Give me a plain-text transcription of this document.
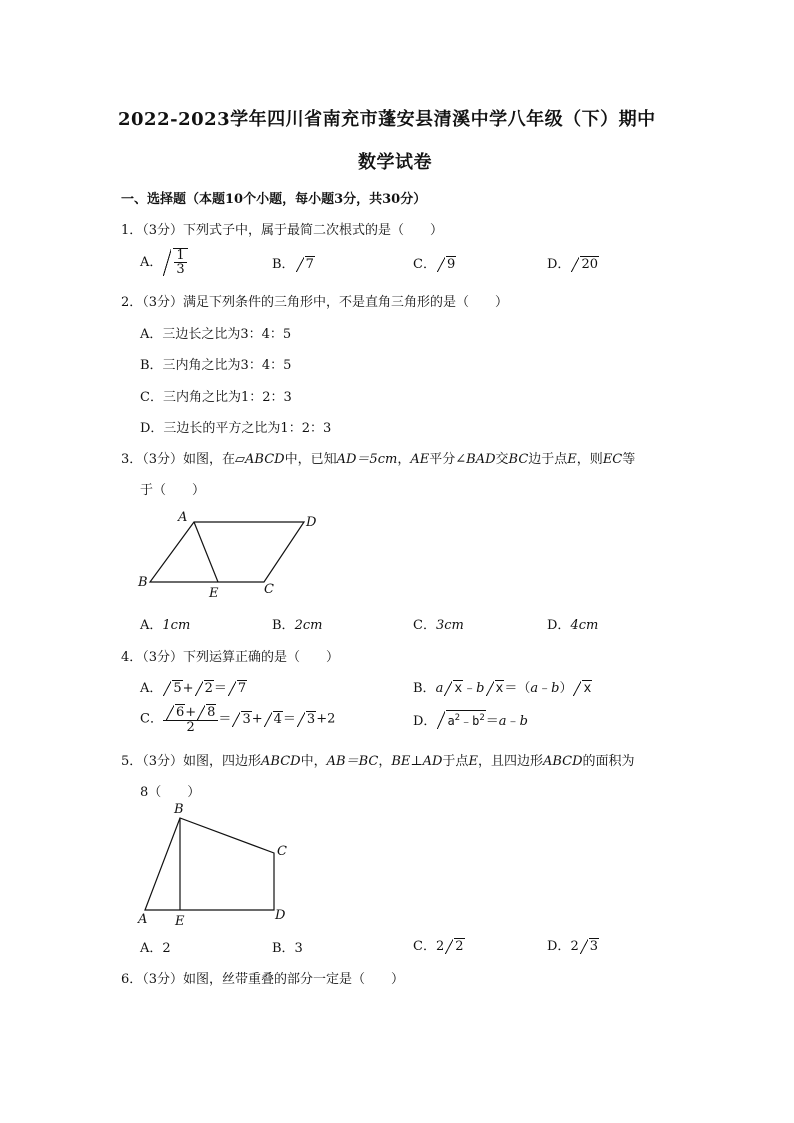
2022-2023学年四川省南充市蓬安县清溪中学八年级（下）期中
数学试卷
一、选择题（本题10个小题，每小题3分，共30分）
1．（3分）下列式子中，属于最简二次根式的是（　　）
A． $\frac{1}{3}$	B． 7	C． 9	D． 20
2．（3分）满足下列条件的三角形中，不是直角三角形的是（　　）
A．三边长之比为3：4：5
B．三内角之比为3：4：5
C．三内角之比为1：2：3
D．三边长的平方之比为1：2：3
3．（3分）如图，在▱ABCD中，已知AD＝5cm，AE平分∠BAD交BC边于点E，则EC等
于（　　）
A	D
B	C
E
A．1cm	B．2cm	C．3cm	D．4cm
4．（3分）下列运算正确的是（　　）
A． 5+ 2＝ 7	B．a x﹣b x＝（a﹣b） x
C． $\frac{6+ 8}{2} = 3+ 4= 3+2$	D． $a^2﹣b^2=a﹣b$
5．（3分）如图，四边形ABCD中，AB＝BC，BE⊥AD于点E，且四边形ABCD的面积为
8（　　）
B
C
A E	D
A．2	B．3	C．2 2	D．2 3
6．（3分）如图，丝带重叠的部分一定是（　　）
